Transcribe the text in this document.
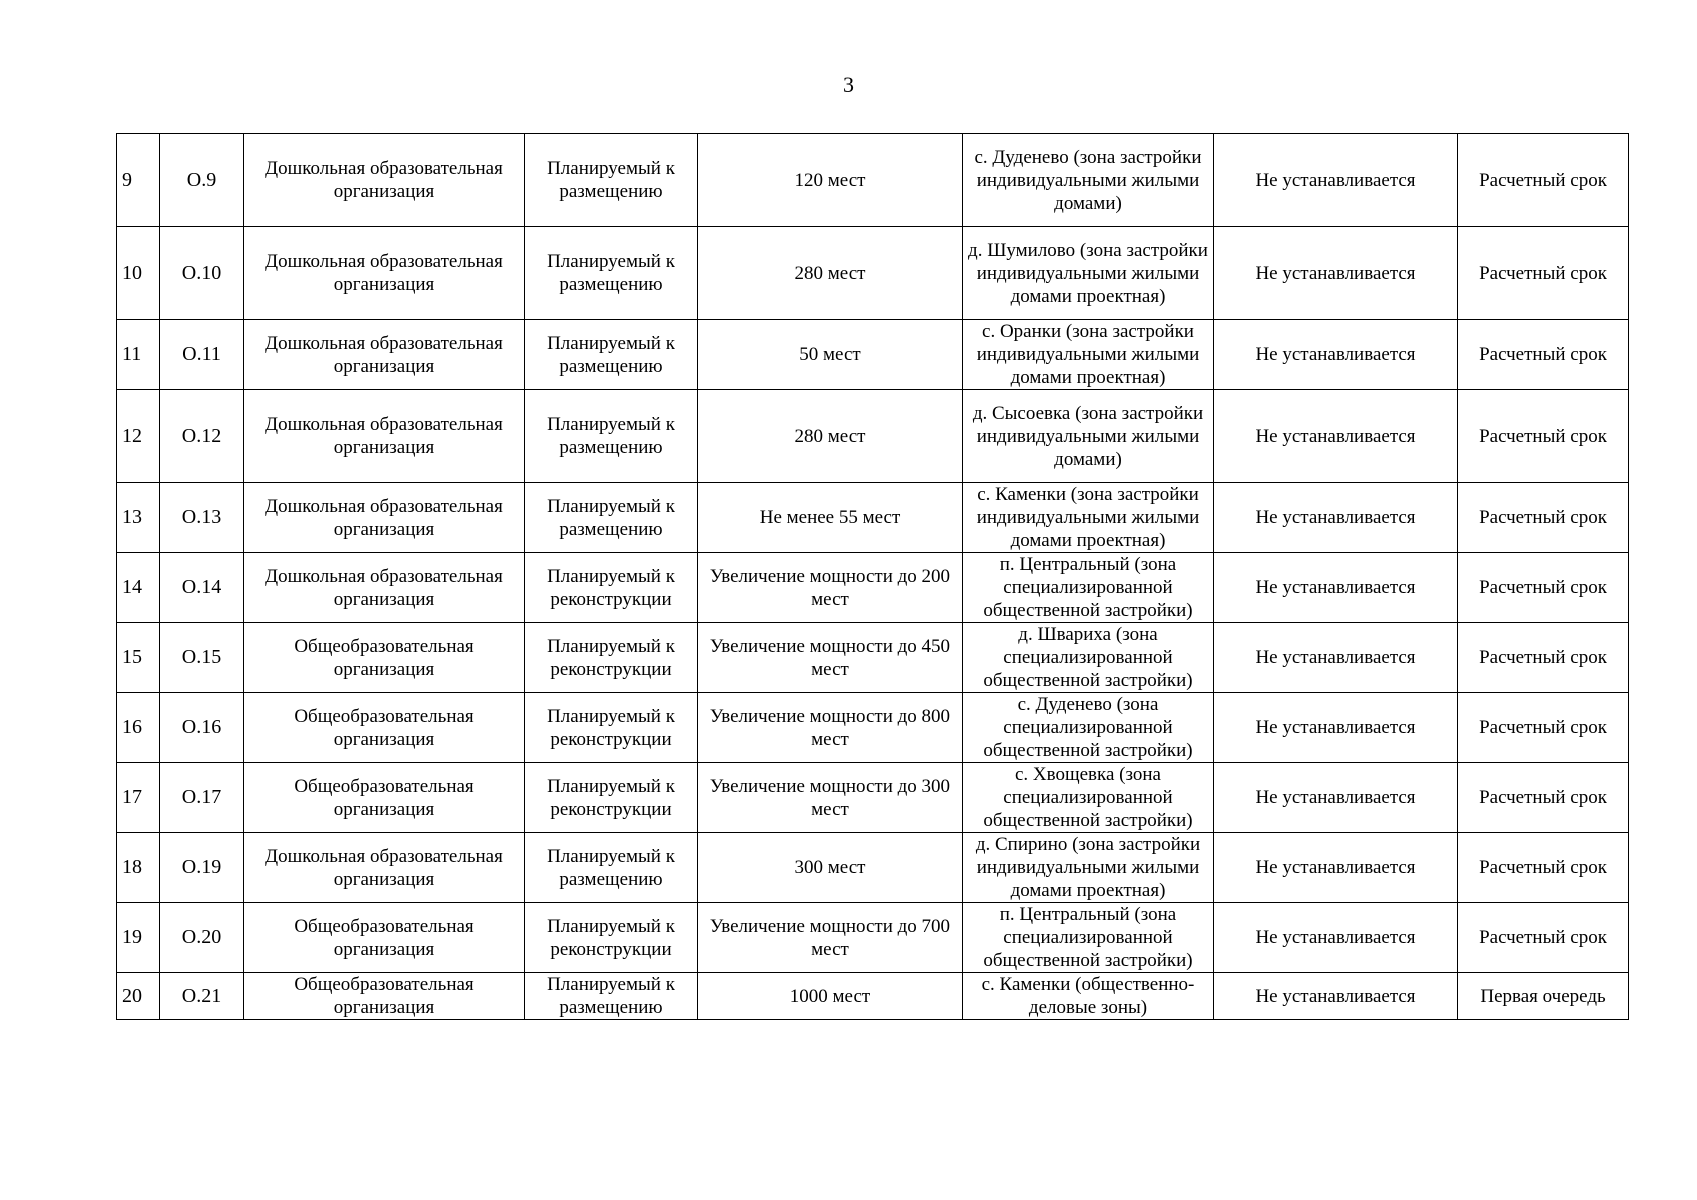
3
9	О.9	Дошкольная образовательная организация	Планируемый к размещению	120 мест	с. Дуденево (зона застройки индивидуальными жилыми домами)	Не устанавливается	Расчетный срок
10	О.10	Дошкольная образовательная организация	Планируемый к размещению	280 мест	д. Шумилово (зона застройки индивидуальными жилыми домами проектная)	Не устанавливается	Расчетный срок
11	О.11	Дошкольная образовательная организация	Планируемый к размещению	50 мест	с. Оранки (зона застройки индивидуальными жилыми домами проектная)	Не устанавливается	Расчетный срок
12	О.12	Дошкольная образовательная организация	Планируемый к размещению	280 мест	д. Сысоевка (зона застройки индивидуальными жилыми домами)	Не устанавливается	Расчетный срок
13	О.13	Дошкольная образовательная организация	Планируемый к размещению	Не менее 55 мест	с. Каменки (зона застройки индивидуальными жилыми домами проектная)	Не устанавливается	Расчетный срок
14	О.14	Дошкольная образовательная организация	Планируемый к реконструкции	Увеличение мощности до 200 мест	п. Центральный (зона специализированной общественной застройки)	Не устанавливается	Расчетный срок
15	О.15	Общеобразовательная организация	Планируемый к реконструкции	Увеличение мощности до 450 мест	д. Швариха (зона специализированной общественной застройки)	Не устанавливается	Расчетный срок
16	О.16	Общеобразовательная организация	Планируемый к реконструкции	Увеличение мощности до 800 мест	с. Дуденево (зона специализированной общественной застройки)	Не устанавливается	Расчетный срок
17	О.17	Общеобразовательная организация	Планируемый к реконструкции	Увеличение мощности до 300 мест	с. Хвощевка (зона специализированной общественной застройки)	Не устанавливается	Расчетный срок
18	О.19	Дошкольная образовательная организация	Планируемый к размещению	300 мест	д. Спирино (зона застройки индивидуальными жилыми домами проектная)	Не устанавливается	Расчетный срок
19	О.20	Общеобразовательная организация	Планируемый к реконструкции	Увеличение мощности до 700 мест	п. Центральный (зона специализированной общественной застройки)	Не устанавливается	Расчетный срок
20	О.21	Общеобразовательная организация	Планируемый к размещению	1000 мест	с. Каменки (общественно-деловые зоны)	Не устанавливается	Первая очередь
